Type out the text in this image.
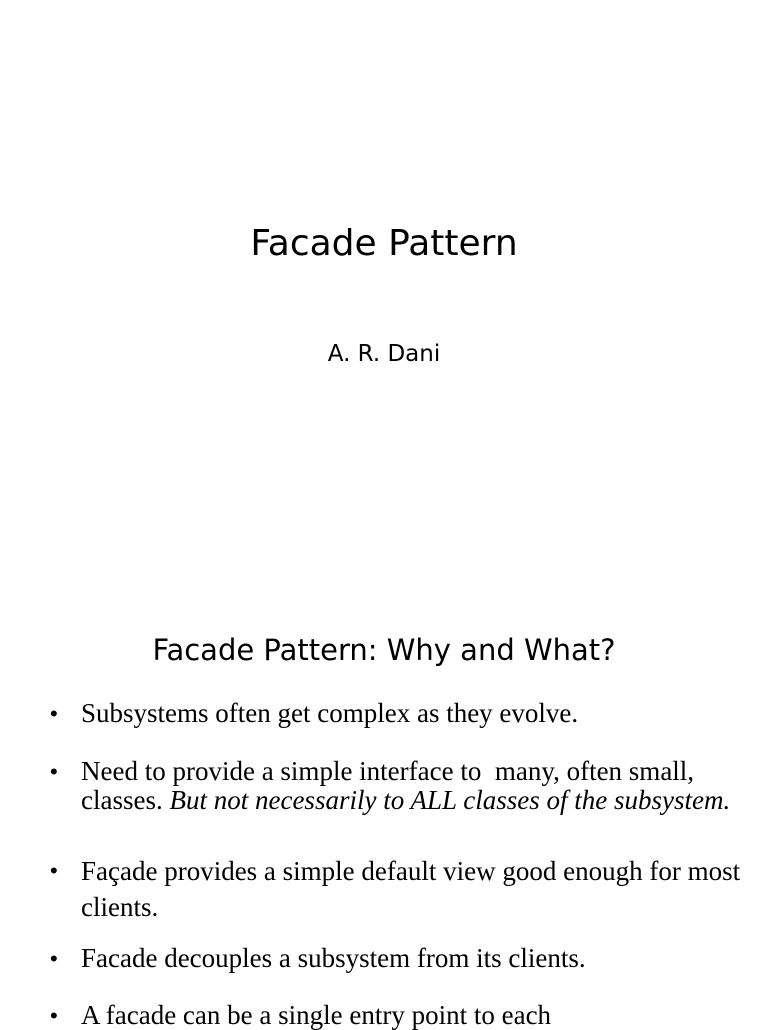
Facade Pattern
A. R. Dani
Facade Pattern: Why and What?
• Subsystems often get complex as they evolve.
• Need to provide a simple interface to  many, often small,  classes. But not necessarily to ALL classes of the subsystem.
• Façade provides a simple default view good enough for most clients.
• Facade decouples a subsystem from its clients.
• A facade can be a single entry point to each
